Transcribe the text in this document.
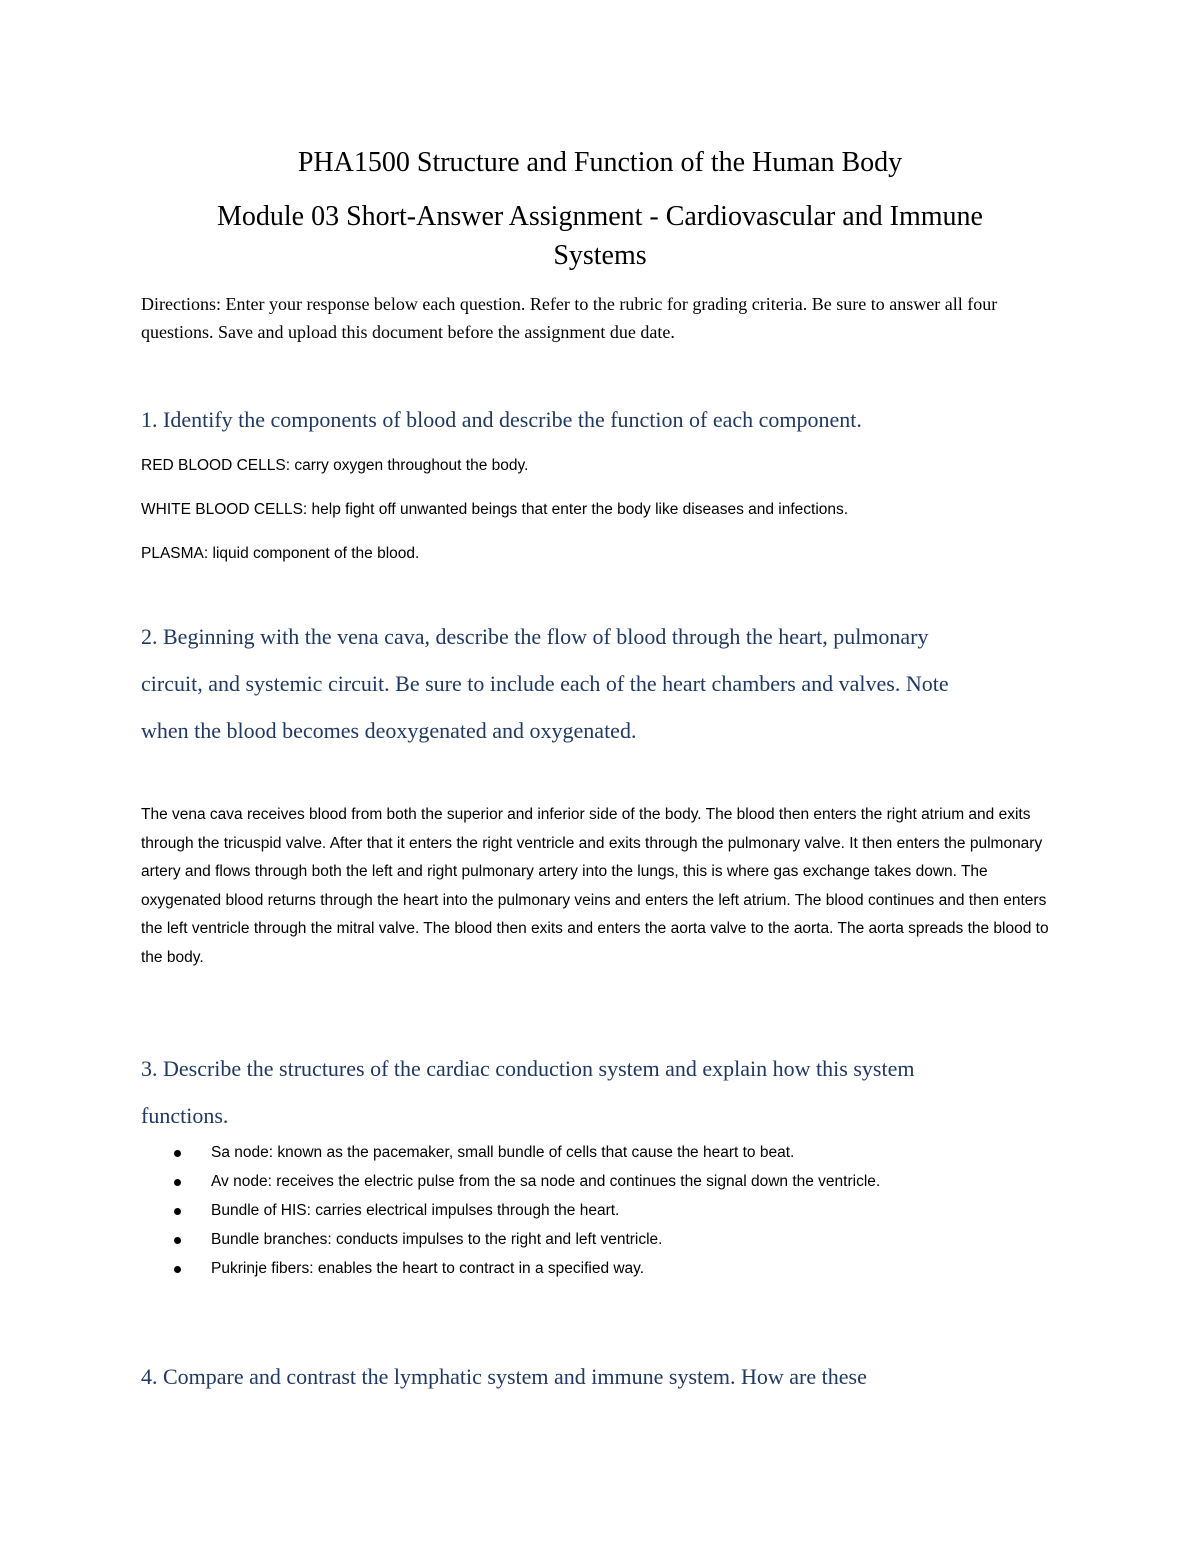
PHA1500 Structure and Function of the Human Body
Module 03 Short-Answer Assignment - Cardiovascular and Immune
Systems

Directions: Enter your response below each question. Refer to the rubric for grading criteria. Be sure to answer all four questions. Save and upload this document before the assignment due date.

1. Identify the components of blood and describe the function of each component.

RED BLOOD CELLS: carry oxygen throughout the body.

WHITE BLOOD CELLS: help fight off unwanted beings that enter the body like diseases and infections.

PLASMA: liquid component of the blood.

2. Beginning with the vena cava, describe the flow of blood through the heart, pulmonary circuit, and systemic circuit. Be sure to include each of the heart chambers and valves. Note when the blood becomes deoxygenated and oxygenated.

The vena cava receives blood from both the superior and inferior side of the body. The blood then enters the right atrium and exits through the tricuspid valve. After that it enters the right ventricle and exits through the pulmonary valve. It then enters the pulmonary artery and flows through both the left and right pulmonary artery into the lungs, this is where gas exchange takes down. The oxygenated blood returns through the heart into the pulmonary veins and enters the left atrium. The blood continues and then enters the left ventricle through the mitral valve. The blood then exits and enters the aorta valve to the aorta. The aorta spreads the blood to the body.

3. Describe the structures of the cardiac conduction system and explain how this system functions.
Sa node: known as the pacemaker, small bundle of cells that cause the heart to beat.
Av node: receives the electric pulse from the sa node and continues the signal down the ventricle.
Bundle of HIS: carries electrical impulses through the heart.
Bundle branches: conducts impulses to the right and left ventricle.
Pukrinje fibers: enables the heart to contract in a specified way.
4. Compare and contrast the lymphatic system and immune system. How are these
